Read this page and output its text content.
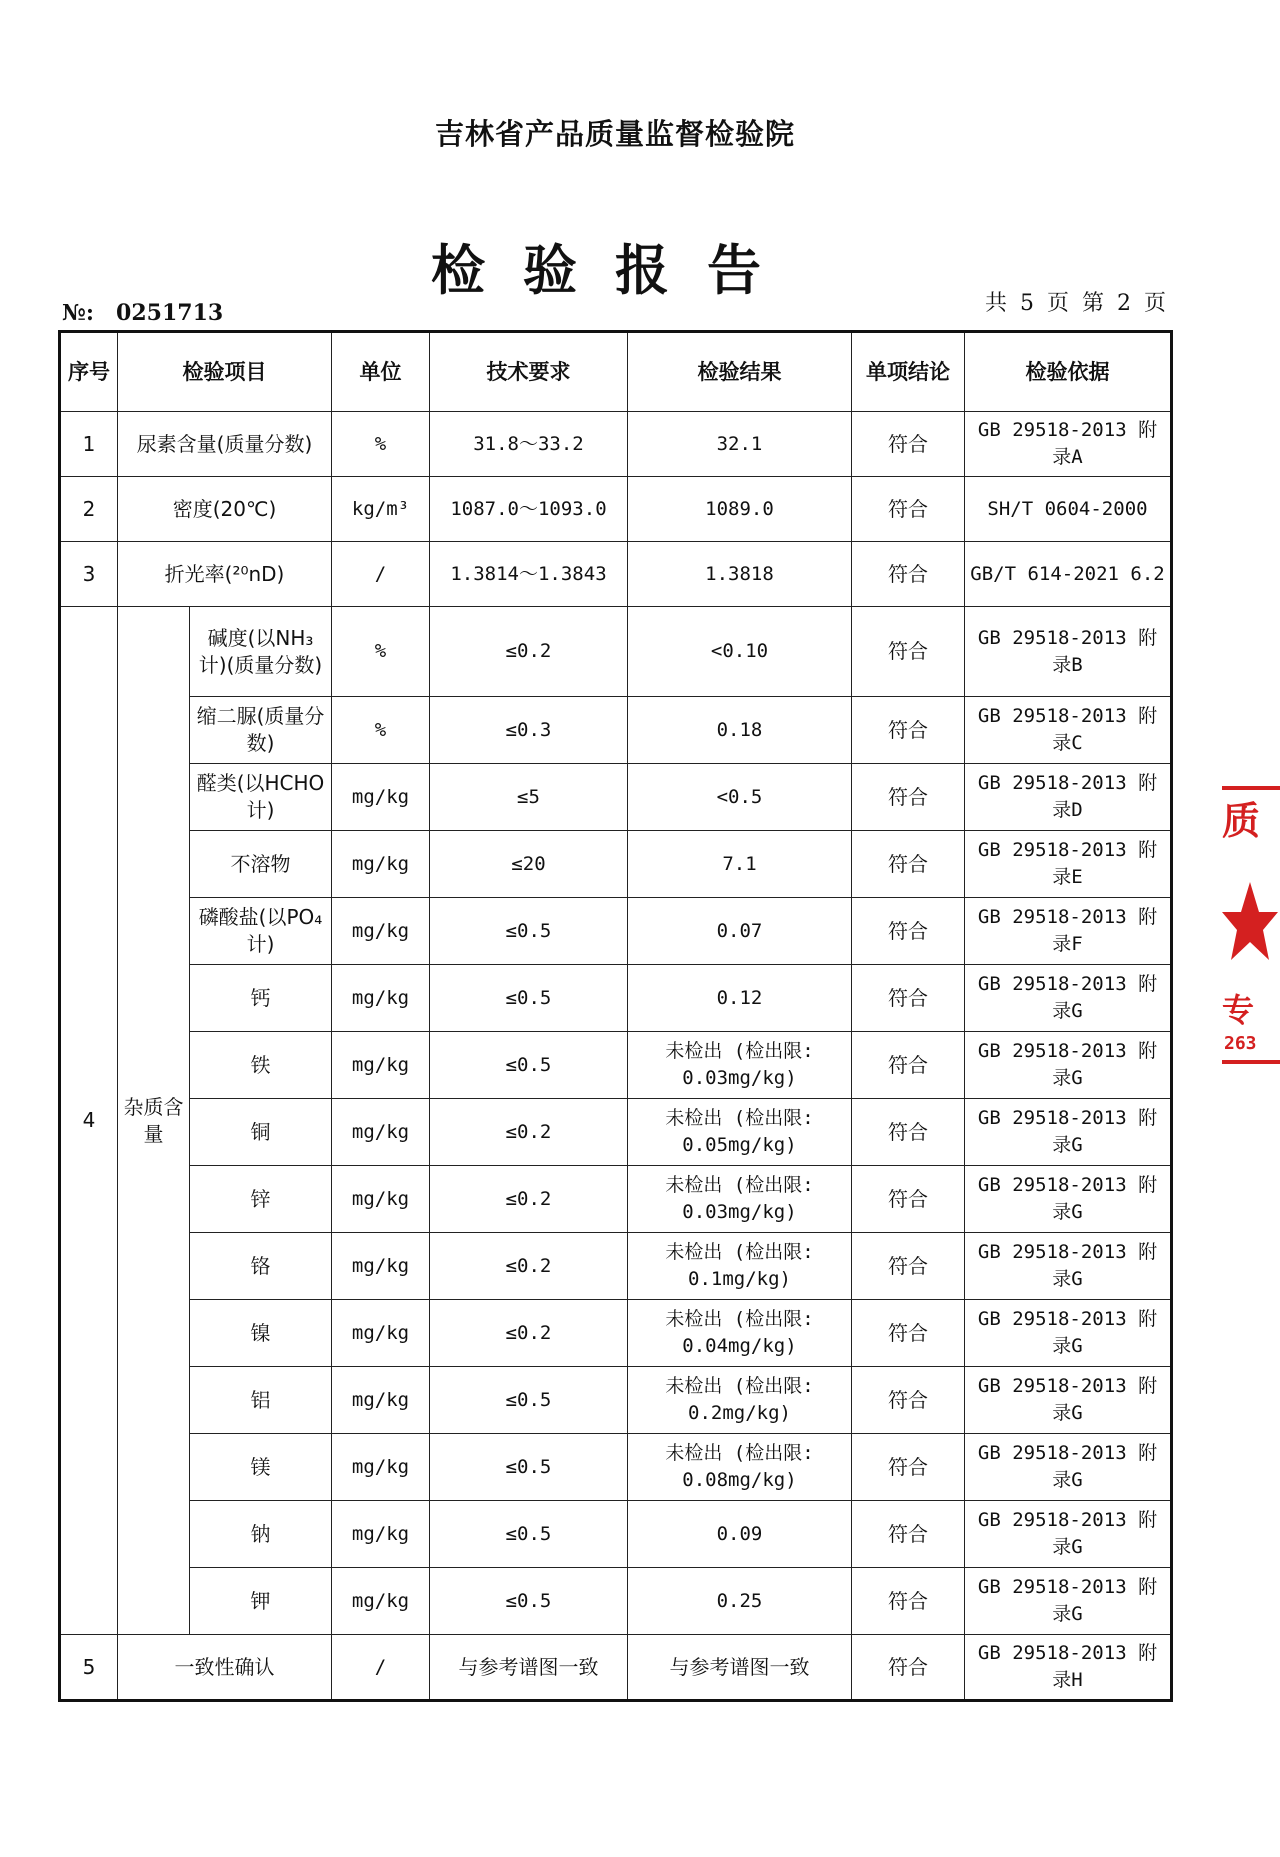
吉林省产品质量监督检验院
检验报告
№: 0251713	共 5 页 第 2 页
序号	检验项目		单位	技术要求	检验结果	单项结论	检验依据
1	尿素含量(质量分数)		%	31.8～33.2	32.1	符合	GB 29518-2013 附录A
2	密度(20℃)		kg/m³	1087.0～1093.0	1089.0	符合	SH/T 0604-2000
3	折光率(²⁰nD)		/	1.3814～1.3843	1.3818	符合	GB/T 614-2021 6.2
4	杂质含量	碱度(以NH₃计)(质量分数)	%	≤0.2	<0.10	符合	GB 29518-2013 附录B
		缩二脲(质量分数)	%	≤0.3	0.18	符合	GB 29518-2013 附录C
		醛类(以HCHO计)	mg/kg	≤5	<0.5	符合	GB 29518-2013 附录D
		不溶物	mg/kg	≤20	7.1	符合	GB 29518-2013 附录E
		磷酸盐(以PO₄计)	mg/kg	≤0.5	0.07	符合	GB 29518-2013 附录F
		钙	mg/kg	≤0.5	0.12	符合	GB 29518-2013 附录G
		铁	mg/kg	≤0.5	未检出 (检出限: 0.03mg/kg)	符合	GB 29518-2013 附录G
		铜	mg/kg	≤0.2	未检出 (检出限: 0.05mg/kg)	符合	GB 29518-2013 附录G
		锌	mg/kg	≤0.2	未检出 (检出限: 0.03mg/kg)	符合	GB 29518-2013 附录G
		铬	mg/kg	≤0.2	未检出 (检出限: 0.1mg/kg)	符合	GB 29518-2013 附录G
		镍	mg/kg	≤0.2	未检出 (检出限: 0.04mg/kg)	符合	GB 29518-2013 附录G
		铝	mg/kg	≤0.5	未检出 (检出限: 0.2mg/kg)	符合	GB 29518-2013 附录G
		镁	mg/kg	≤0.5	未检出 (检出限: 0.08mg/kg)	符合	GB 29518-2013 附录G
		钠	mg/kg	≤0.5	0.09	符合	GB 29518-2013 附录G
		钾	mg/kg	≤0.5	0.25	符合	GB 29518-2013 附录G
5	一致性确认		/	与参考谱图一致	与参考谱图一致	符合	GB 29518-2013 附录H
质
专
263
